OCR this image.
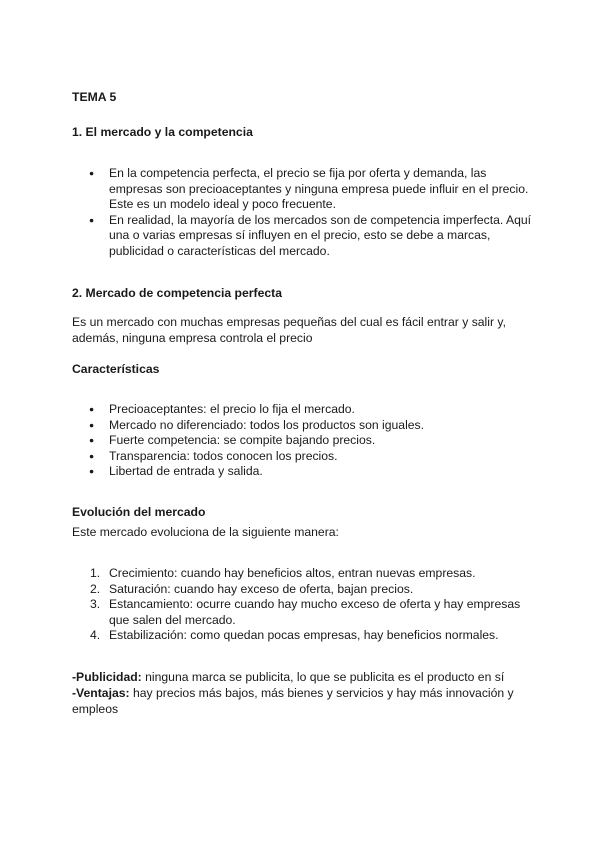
TEMA 5

1. El mercado y la competencia

● En la competencia perfecta, el precio se fija por oferta y demanda, las empresas son precioaceptantes y ninguna empresa puede influir en el precio. Este es un modelo ideal y poco frecuente.
● En realidad, la mayoría de los mercados son de competencia imperfecta. Aquí una o varias empresas sí influyen en el precio, esto se debe a marcas, publicidad o características del mercado.

2. Mercado de competencia perfecta

Es un mercado con muchas empresas pequeñas del cual es fácil entrar y salir y, además, ninguna empresa controla el precio

Características

● Precioaceptantes: el precio lo fija el mercado.
● Mercado no diferenciado: todos los productos son iguales.
● Fuerte competencia: se compite bajando precios.
● Transparencia: todos conocen los precios.
● Libertad de entrada y salida.

Evolución del mercado

Este mercado evoluciona de la siguiente manera:

1. Crecimiento: cuando hay beneficios altos, entran nuevas empresas.
2. Saturación: cuando hay exceso de oferta, bajan precios.
3. Estancamiento: ocurre cuando hay mucho exceso de oferta y hay empresas que salen del mercado.
4. Estabilización: como quedan pocas empresas, hay beneficios normales.

-Publicidad: ninguna marca se publicita, lo que se publicita es el producto en sí

-Ventajas: hay precios más bajos, más bienes y servicios y hay más innovación y empleos
